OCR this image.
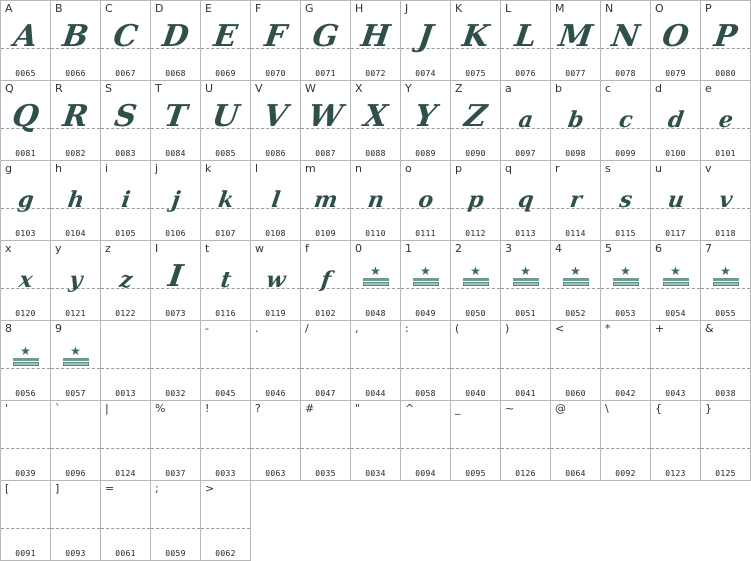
A
A
0065
B
B
0066
C
C
0067
D
D
0068
E
E
0069
F
F
0070
G
G
0071
H
H
0072
J
J
0074
K
K
0075
L
L
0076
M
M
0077
N
N
0078
O
O
0079
P
P
0080
Q
Q
0081
R
R
0082
S
S
0083
T
T
0084
U
U
0085
V
V
0086
W
W
0087
X
X
0088
Y
Y
0089
Z
Z
0090
a
a
0097
b
b
0098
c
c
0099
d
d
0100
e
e
0101
g
g
0103
h
h
0104
i
i
0105
j
j
0106
k
k
0107
l
l
0108
m
m
0109
n
n
0110
o
o
0111
p
p
0112
q
q
0113
r
r
0114
s
s
0115
u
u
0117
v
v
0118
x
x
0120
y
y
0121
z
z
0122
I
I
0073
t
t
0116
w
w
0119
f
f
0102
0
★
0048
1
★
0049
2
★
0050
3
★
0051
4
★
0052
5
★
0053
6
★
0054
7
★
0055
8
★
0056
9
★
0057	0013	0032
-
0045
.
0046
/
0047
,
0044
:
0058
(
0040
)
0041
<
0060
*
0042
+
0043
&
0038
'
0039
`
0096
|
0124
%
0037
!
0033
?
0063
#
0035
"
0034
^
0094
_
0095
~
0126
@
0064
\
0092
{
0123
}
0125
[
0091
]
0093
=
0061
;
0059
>
0062
